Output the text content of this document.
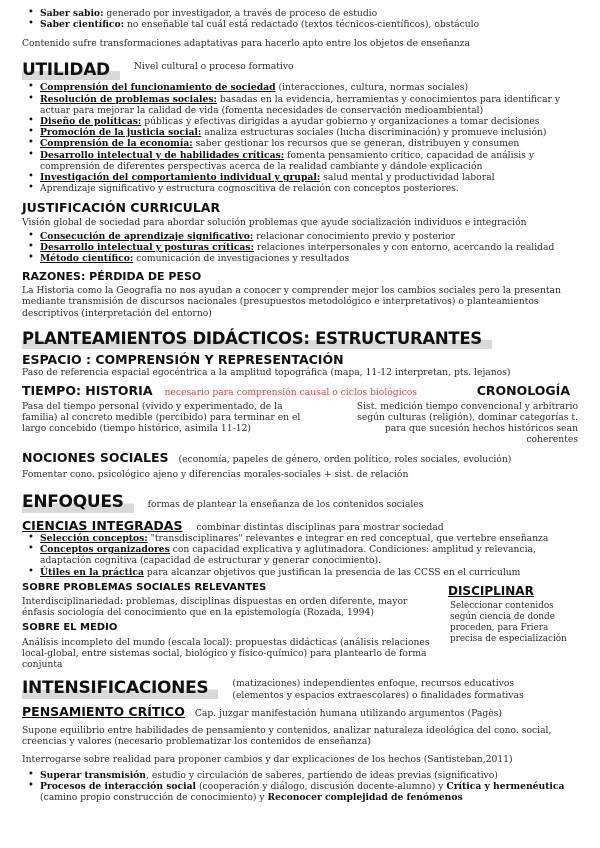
• Saber sabio: generado por investigador, a través de proceso de estudio
• Saber científico: no enseñable tal cuál está redactado (textos técnicos-científicos), obstáculo

Contenido sufre transformaciones adaptativas para hacerlo apto entre los objetos de enseñanza

UTILIDAD	Nivel cultural o proceso formativo
• Comprensión del funcionamiento de sociedad (interacciones, cultura, normas sociales)
• Resolución de problemas sociales: basadas en la evidencia, herramientas y conocimientos para identificar y actuar para mejorar la calidad de vida (fomenta necesidades de conservación medioambiental)
• Diseño de políticas: públicas y efectivas dirigidas a ayudar gobierno y organizaciones a tomar decisiones
• Promoción de la justicia social: analiza estructuras sociales (lucha discriminación) y promueve inclusión)
• Comprensión de la economía: saber gestionar los recursos que se generan, distribuyen y consumen
• Desarrollo intelectual y de habilidades críticas: fomenta pensamiento crítico, capacidad de análisis y comprensión de diferentes perspectivas acerca de la realidad cambiante y dándole explicación
• Investigación del comportamiento individual y grupal: salud mental y productividad laboral
• Aprendizaje significativo y estructura cognoscitiva de relación con conceptos posteriores.
JUSTIFICACIÓN CURRICULAR

Visión global de sociedad para abordar solución problemas que ayude socialización individuos e integración

• Consecución de aprendizaje significativo: relacionar conocimiento previo y posterior
• Desarrollo intelectual y posturas críticas: relaciones interpersonales y con entorno, acercando la realidad
• Método científico: comunicación de investigaciones y resultados
RAZONES: PÉRDIDA DE PESO

La Historia como la Geografía no nos ayudan a conocer y comprender mejor los cambios sociales pero la presentan mediante transmisión de discursos nacionales (presupuestos metodológico e interpretativos) o planteamientos descriptivos (interpretación del entorno)

PLANTEAMIENTOS DIDÁCTICOS: ESTRUCTURANTES
ESPACIO : COMPRENSIÓN Y REPRESENTACIÓN

Paso de referencia espacial egocéntrica a la amplitud topográfica (mapa, 11-12 interpretan, pts. lejanos)

TIEMPO: HISTORIA necesario para comprensión causal o ciclos biológicos	CRONOLOGÍA

Pasa del tiempo personal (vivido y experimentado, de la familia) al concreto medible (percibido) para terminar en el largo concebido (tiempo histórico, asimila 11-12)

Sist. medición tiempo convencional y arbitrario según culturas (religión), dominar categorías t. para que sucesión hechos históricos sean coherentes

NOCIONES SOCIALES (economía, papeles de género, orden político, roles sociales, evolución)

Fomentar cono. psicológico ajeno y diferencias morales-sociales + sist. de relación

ENFOQUES	formas de plantear la enseñanza de los contenidos sociales
CIENCIAS INTEGRADAS combinar distintas disciplinas para mostrar sociedad
• Selección conceptos: "transdisciplinares" relevantes e integrar en red conceptual, que vertebre enseñanza
• Conceptos organizadores con capacidad explicativa y aglutinadora. Condiciones: amplitud y relevancia, adaptación cognitiva (capacidad de estructurar y generar conocimiento).
• Útiles en la práctica para alcanzar objetivos que justifican la presencia de las CCSS en el currículum
SOBRE PROBLEMAS SOCIALES RELEVANTES

Interdisciplinariedad: problemas, disciplinas dispuestas en orden diferente, mayor énfasis sociología del conocimiento que en la epistemología (Rozada, 1994)

SOBRE EL MEDIO

Análisis incompleto del mundo (escala local): propuestas didácticas (análisis relaciones local-global, entre sistemas social, biológico y físico-químico) para plantearlo de forma conjunta

DISCIPLINAR

Seleccionar contenidos según ciencia de donde proceden, para Friera precisa de especialización

INTENSIFICACIONES	(matizaciones) independientes enfoque, recursos educativos (elementos y espacios extraescolares) o finalidades formativas
PENSAMIENTO CRÍTICO Cap. juzgar manifestación humana utilizando argumentos (Pagès)

Supone equilibrio entre habilidades de pensamiento y contenidos, analizar naturaleza ideológica del cono. social, creencias y valores (necesario problematizar los contenidos de enseñanza)

Interrogarse sobre realidad para proponer cambios y dar explicaciones de los hechos (Santisteban,2011)

• Superar transmisión, estudio y circulación de saberes, partiendo de ideas previas (significativo)
• Procesos de interacción social (cooperación y diálogo, discusión docente-alumno) y Crítica y hermenéutica (camino propio construcción de conocimiento) y Reconocer complejidad de fenómenos
